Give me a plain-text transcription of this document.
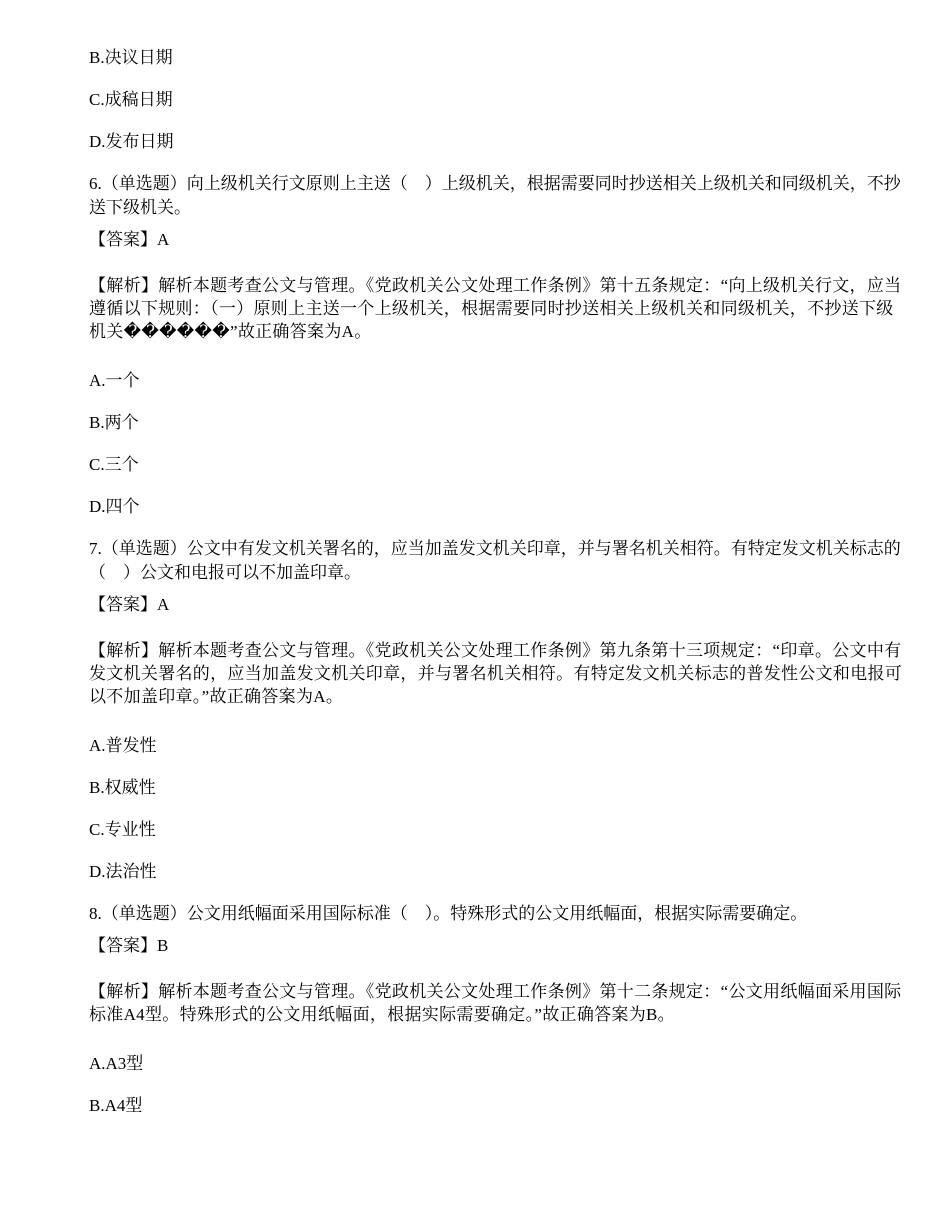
B.决议日期

C.成稿日期

D.发布日期

6.（单选题）向上级机关行文原则上主送（　）上级机关，根据需要同时抄送相关上级机关和同级机关，不抄送下级机关。

【答案】A

【解析】解析本题考查公文与管理。《党政机关公文处理工作条例》第十五条规定：“向上级机关行文，应当遵循以下规则：（一）原则上主送一个上级机关，根据需要同时抄送相关上级机关和同级机关，不抄送下级机关������”故正确答案为A。

A.一个

B.两个

C.三个

D.四个

7.（单选题）公文中有发文机关署名的，应当加盖发文机关印章，并与署名机关相符。有特定发文机关标志的（　）公文和电报可以不加盖印章。

【答案】A

【解析】解析本题考查公文与管理。《党政机关公文处理工作条例》第九条第十三项规定：“印章。公文中有发文机关署名的，应当加盖发文机关印章，并与署名机关相符。有特定发文机关标志的普发性公文和电报可以不加盖印章。”故正确答案为A。

A.普发性

B.权威性

C.专业性

D.法治性

8.（单选题）公文用纸幅面采用国际标准（　）。特殊形式的公文用纸幅面，根据实际需要确定。

【答案】B

【解析】解析本题考查公文与管理。《党政机关公文处理工作条例》第十二条规定：“公文用纸幅面采用国际标准A4型。特殊形式的公文用纸幅面，根据实际需要确定。”故正确答案为B。

A.A3型

B.A4型
